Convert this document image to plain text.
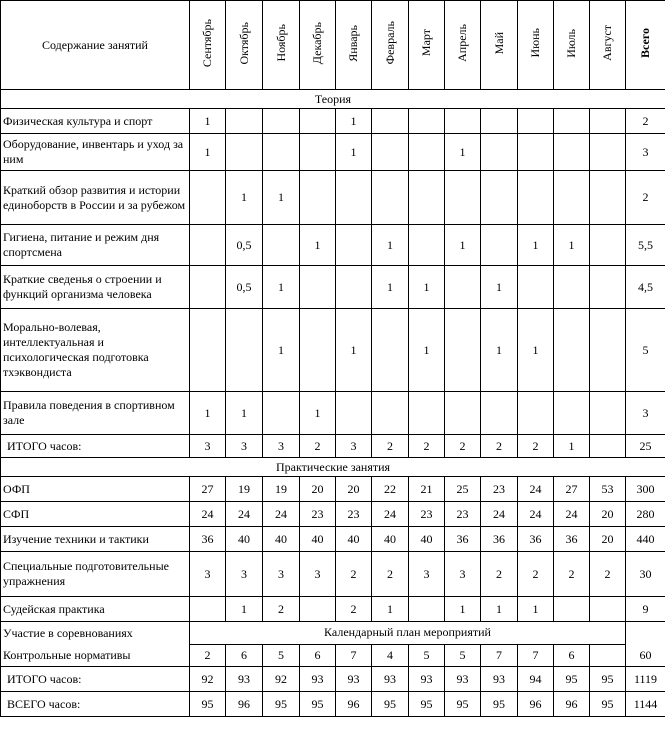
Содержание занятий	Сентябрь	Октябрь	Ноябрь	Декабрь	Январь	Февраль	Март	Апрель	Май	Июнь	Июль	Август	Всего
Теория													
Физическая культура и спорт	1				1								2
Оборудование, инвентарь и уход за ним	1				1			1					3
Краткий обзор развития и истории единоборств в России и за рубежом		1	1										2
Гигиена, питание и режим дня спортсмена		0,5		1		1		1		1	1		5,5
Краткие сведенья о строении и функций организма человека		0,5	1			1	1		1				4,5
Морально-волевая, интеллектуальная и психологическая подготовка тхэквондиста			1		1		1		1	1			5
Правила поведения в спортивном зале	1	1		1									3
ИТОГО часов:	3	3	3	2	3	2	2	2	2	2	1		25
Практические занятия													
ОФП	27	19	19	20	20	22	21	25	23	24	27	53	300
СФП	24	24	24	23	23	24	23	23	24	24	24	20	280
Изучение техники и тактики	36	40	40	40	40	40	40	36	36	36	36	20	440
Специальные подготовительные упражнения	3	3	3	3	2	2	3	3	2	2	2	2	30
Судейская практика		1	2		2	1		1	1	1			9
Участие в соревнованиях	Календарный план мероприятий												
Контрольные нормативы	2	6	5	6	7	4	5	5	7	7	6		60
ИТОГО часов:	92	93	92	93	93	93	93	93	93	94	95	95	1119
ВСЕГО часов:	95	96	95	95	96	95	95	95	95	96	96	95	1144
